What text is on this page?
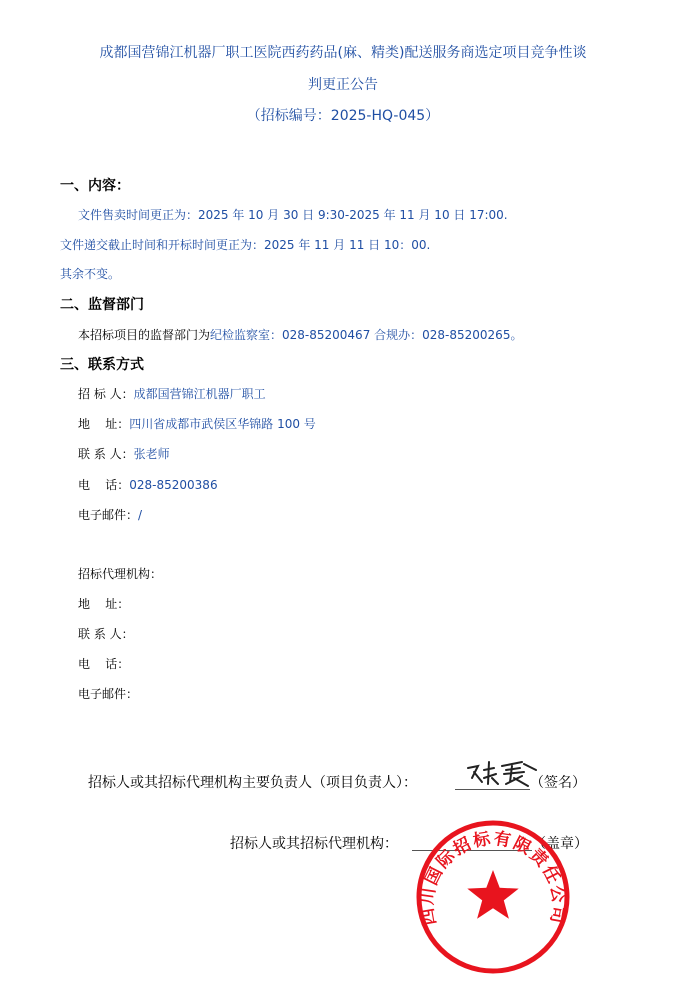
成都国营锦江机器厂职工医院西药药品(麻、精类)配送服务商选定项目竞争性谈
判更正公告
（招标编号：2025-HQ-045）
一、内容：
文件售卖时间更正为：2025 年 10 月 30 日 9:30-2025 年 11 月 10 日 17:00.
文件递交截止时间和开标时间更正为：2025 年 11 月 11 日 10：00.
其余不变。
二、监督部门
本招标项目的监督部门为纪检监察室：028-85200467 合规办：028-85200265。
三、联系方式
招 标 人：成都国营锦江机器厂职工
地    址：四川省成都市武侯区华锦路 100 号
联 系 人：张老师
电    话：028-85200386
电子邮件：/
招标代理机构：
地    址：
联 系 人：
电    话：
电子邮件：
招标人或其招标代理机构主要负责人（项目负责人）：	（签名）
招标人或其招标代理机构：	（盖章）
四川国际招标有限责任公司
